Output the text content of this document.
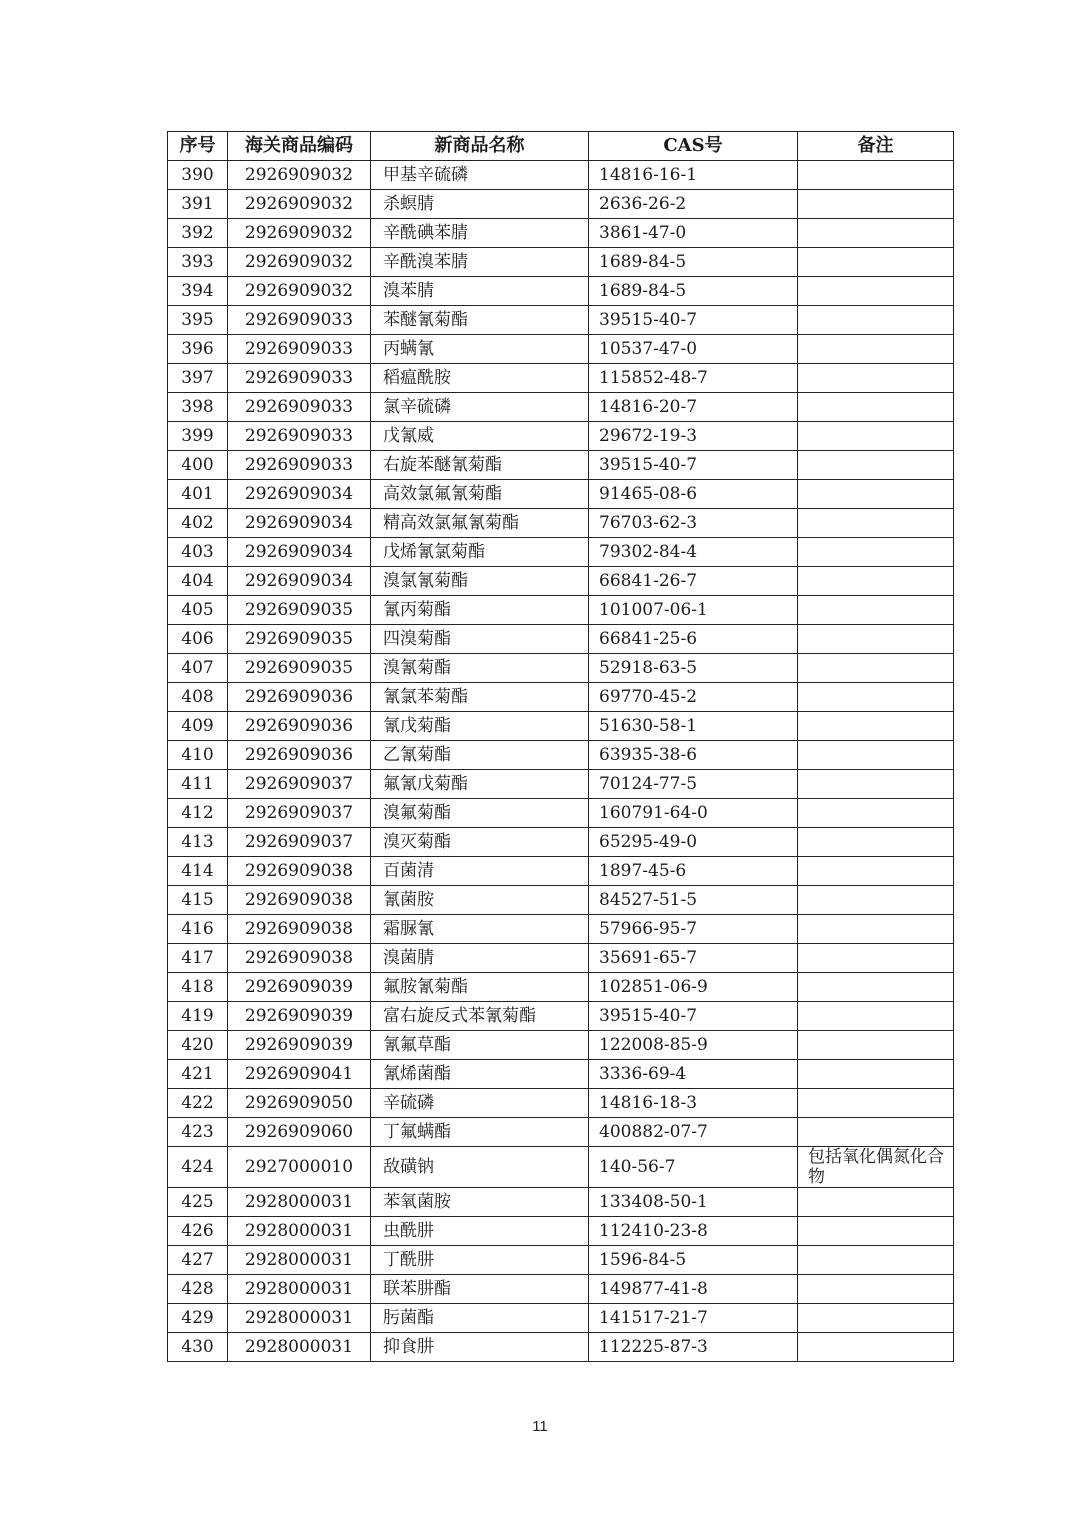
序号	海关商品编码	新商品名称	CAS号	备注
390	2926909032	甲基辛硫磷	14816-16-1	
391	2926909032	杀螟腈	2636-26-2	
392	2926909032	辛酰碘苯腈	3861-47-0	
393	2926909032	辛酰溴苯腈	1689-84-5	
394	2926909032	溴苯腈	1689-84-5	
395	2926909033	苯醚氰菊酯	39515-40-7	
396	2926909033	丙螨氰	10537-47-0	
397	2926909033	稻瘟酰胺	115852-48-7	
398	2926909033	氯辛硫磷	14816-20-7	
399	2926909033	戊氰威	29672-19-3	
400	2926909033	右旋苯醚氰菊酯	39515-40-7	
401	2926909034	高效氯氟氰菊酯	91465-08-6	
402	2926909034	精高效氯氟氰菊酯	76703-62-3	
403	2926909034	戊烯氰氯菊酯	79302-84-4	
404	2926909034	溴氯氰菊酯	66841-26-7	
405	2926909035	氰丙菊酯	101007-06-1	
406	2926909035	四溴菊酯	66841-25-6	
407	2926909035	溴氰菊酯	52918-63-5	
408	2926909036	氰氯苯菊酯	69770-45-2	
409	2926909036	氰戊菊酯	51630-58-1	
410	2926909036	乙氰菊酯	63935-38-6	
411	2926909037	氟氰戊菊酯	70124-77-5	
412	2926909037	溴氟菊酯	160791-64-0	
413	2926909037	溴灭菊酯	65295-49-0	
414	2926909038	百菌清	1897-45-6	
415	2926909038	氰菌胺	84527-51-5	
416	2926909038	霜脲氰	57966-95-7	
417	2926909038	溴菌腈	35691-65-7	
418	2926909039	氟胺氰菊酯	102851-06-9	
419	2926909039	富右旋反式苯氰菊酯	39515-40-7	
420	2926909039	氰氟草酯	122008-85-9	
421	2926909041	氰烯菌酯	3336-69-4	
422	2926909050	辛硫磷	14816-18-3	
423	2926909060	丁氟螨酯	400882-07-7	
424	2927000010	敌磺钠	140-56-7	包括氧化偶氮化合物
425	2928000031	苯氧菌胺	133408-50-1	
426	2928000031	虫酰肼	112410-23-8	
427	2928000031	丁酰肼	1596-84-5	
428	2928000031	联苯肼酯	149877-41-8	
429	2928000031	肟菌酯	141517-21-7	
430	2928000031	抑食肼	112225-87-3	
11
